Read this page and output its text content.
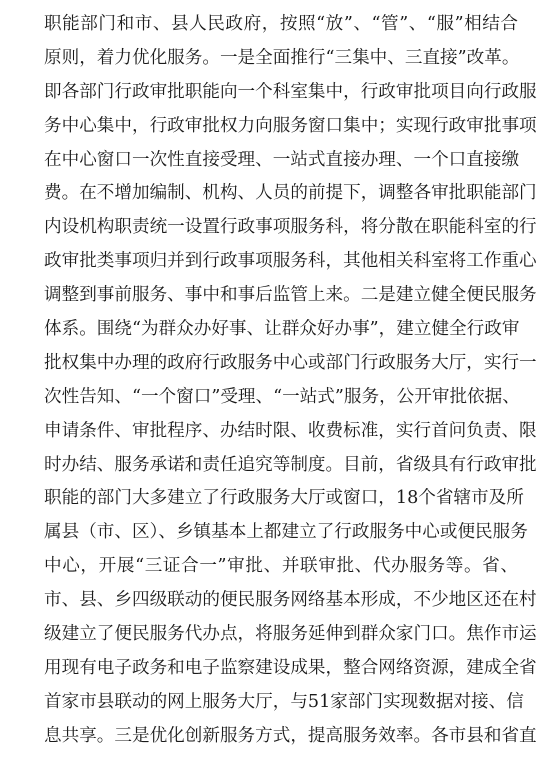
职能部门和市、县人民政府，按照“放”、“管”、“服”相结合
原则，着力优化服务。一是全面推行“三集中、三直接”改革。
即各部门行政审批职能向一个科室集中，行政审批项目向行政服
务中心集中，行政审批权力向服务窗口集中；实现行政审批事项
在中心窗口一次性直接受理、一站式直接办理、一个口直接缴
费。在不增加编制、机构、人员的前提下，调整各审批职能部门
内设机构职责统一设置行政事项服务科，将分散在职能科室的行
政审批类事项归并到行政事项服务科，其他相关科室将工作重心
调整到事前服务、事中和事后监管上来。二是建立健全便民服务
体系。围绕“为群众办好事、让群众好办事”，建立健全行政审
批权集中办理的政府行政服务中心或部门行政服务大厅，实行一
次性告知、“一个窗口”受理、“一站式”服务，公开审批依据、
申请条件、审批程序、办结时限、收费标准，实行首问负责、限
时办结、服务承诺和责任追究等制度。目前，省级具有行政审批
职能的部门大多建立了行政服务大厅或窗口，18个省辖市及所
属县（市、区）、乡镇基本上都建立了行政服务中心或便民服务
中心，开展“三证合一”审批、并联审批、代办服务等。省、
市、县、乡四级联动的便民服务网络基本形成，不少地区还在村
级建立了便民服务代办点，将服务延伸到群众家门口。焦作市运
用现有电子政务和电子监察建设成果，整合网络资源，建成全省
首家市县联动的网上服务大厅，与51家部门实现数据对接、信
息共享。三是优化创新服务方式，提高服务效率。各市县和省直
